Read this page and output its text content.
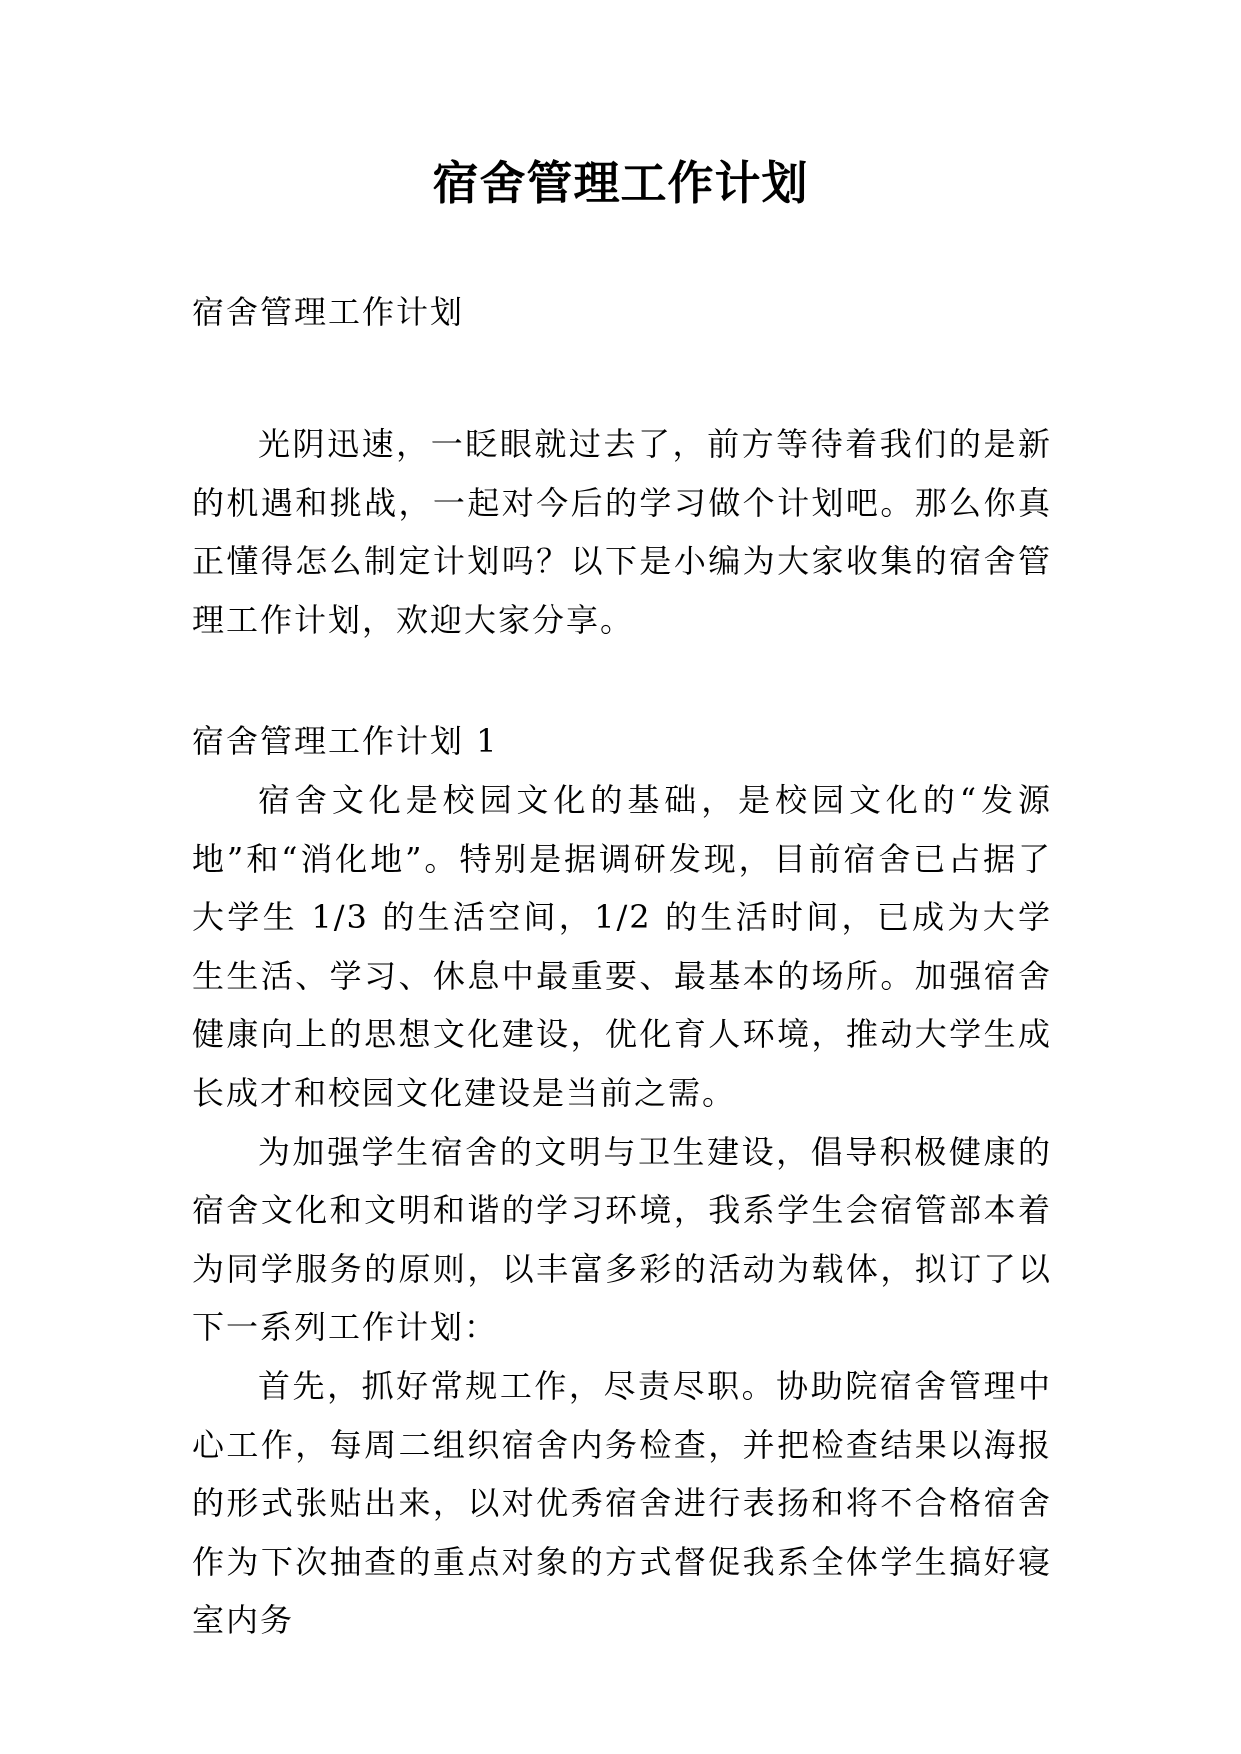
宿舍管理工作计划

宿舍管理工作计划

光阴迅速，一眨眼就过去了，前方等待着我们的是新的机遇和挑战，一起对今后的学习做个计划吧。那么你真正懂得怎么制定计划吗？以下是小编为大家收集的宿舍管理工作计划，欢迎大家分享。

宿舍管理工作计划 1

宿舍文化是校园文化的基础，是校园文化的“发源地”和“消化地”。特别是据调研发现，目前宿舍已占据了大学生 1/3 的生活空间，1/2 的生活时间，已成为大学生生活、学习、休息中最重要、最基本的场所。加强宿舍健康向上的思想文化建设，优化育人环境，推动大学生成长成才和校园文化建设是当前之需。

为加强学生宿舍的文明与卫生建设，倡导积极健康的宿舍文化和文明和谐的学习环境，我系学生会宿管部本着为同学服务的原则，以丰富多彩的活动为载体，拟订了以下一系列工作计划：

首先，抓好常规工作，尽责尽职。协助院宿舍管理中心工作，每周二组织宿舍内务检查，并把检查结果以海报的形式张贴出来，以对优秀宿舍进行表扬和将不合格宿舍作为下次抽查的重点对象的方式督促我系全体学生搞好寝室内务
